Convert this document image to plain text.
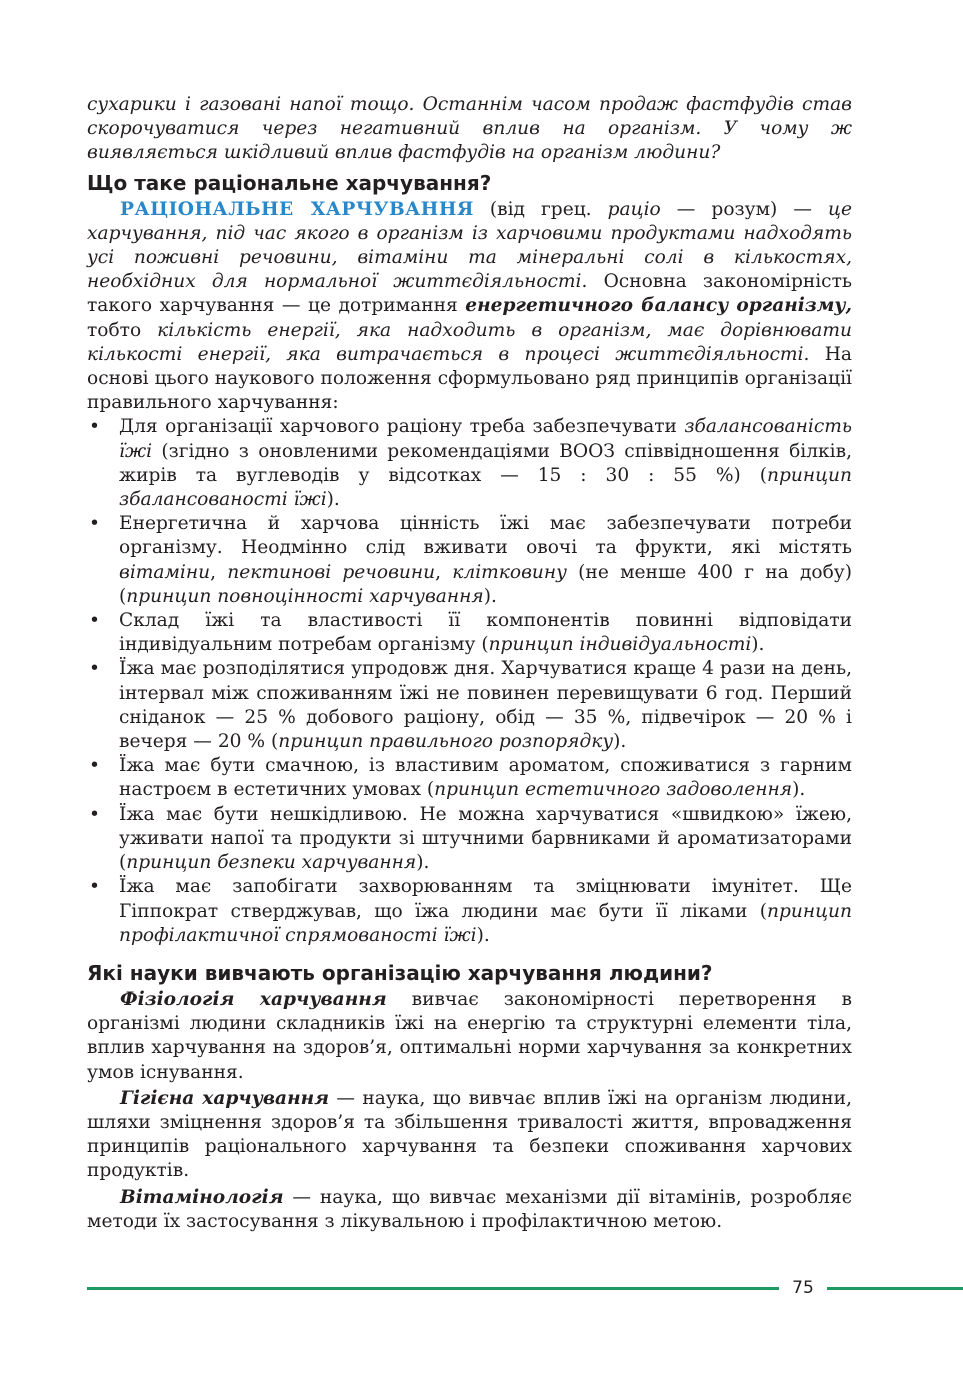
сухарики і газовані напої тощо. Останнім часом продаж фастфудів став скорочуватися через негативний вплив на організм. У чому ж виявляється шкідливий вплив фастфудів на організм людини?

Що таке раціональне харчування?

РАЦІОНАЛЬНЕ ХАРЧУВАННЯ (від грец. раціо — розум) — це харчування, під час якого в організм із харчовими продуктами надходять усі поживні речовини, вітаміни та мінеральні солі в кількостях, необхідних для нормальної життєдіяльності. Основна закономірність такого харчування — це дотримання енергетичного балансу організму, тобто кількість енергії, яка надходить в організм, має дорівнювати кількості енергії, яка витрачається в процесі життєдіяльності. На основі цього наукового положення сформульовано ряд принципів організації правильного харчування:

• Для організації харчового раціону треба забезпечувати збалансованість їжі (згідно з оновленими рекомендаціями ВООЗ співвідношення білків, жирів та вуглеводів у відсотках — 15 : 30 : 55 %) (принцип збалансованості їжі).
• Енергетична й харчова цінність їжі має забезпечувати потреби організму. Неодмінно слід вживати овочі та фрукти, які містять вітаміни, пектинові речовини, клітковину (не менше 400 г на добу) (принцип повноцінності харчування).
• Склад їжі та властивості її компонентів повинні відповідати індивідуальним потребам організму (принцип індивідуальності).
• Їжа має розподілятися упродовж дня. Харчуватися краще 4 рази на день, інтервал між споживанням їжі не повинен перевищувати 6 год. Перший сніданок — 25 % добового раціону, обід — 35 %, підвечірок — 20 % і вечеря — 20 % (принцип правильного розпорядку).
• Їжа має бути смачною, із властивим ароматом, споживатися з гарним настроєм в естетичних умовах (принцип естетичного задоволення).
• Їжа має бути нешкідливою. Не можна харчуватися «швидкою» їжею, уживати напої та продукти зі штучними барвниками й ароматизаторами (принцип безпеки харчування).
• Їжа має запобігати захворюванням та зміцнювати імунітет. Ще Гіппократ стверджував, що їжа людини має бути її ліками (принцип профілактичної спрямованості їжі).
Які науки вивчають організацію харчування людини?

Фізіологія харчування вивчає закономірності перетворення в організмі людини складників їжі на енергію та структурні елементи тіла, вплив харчування на здоров’я, оптимальні норми харчування за конкретних умов існування.

Гігієна харчування — наука, що вивчає вплив їжі на організм людини, шляхи зміцнення здоров’я та збільшення тривалості життя, впровадження принципів раціонального харчування та безпеки споживання харчових продуктів.

Вітамінологія — наука, що вивчає механізми дії вітамінів, розробляє методи їх застосування з лікувальною і профілактичною метою.

75
